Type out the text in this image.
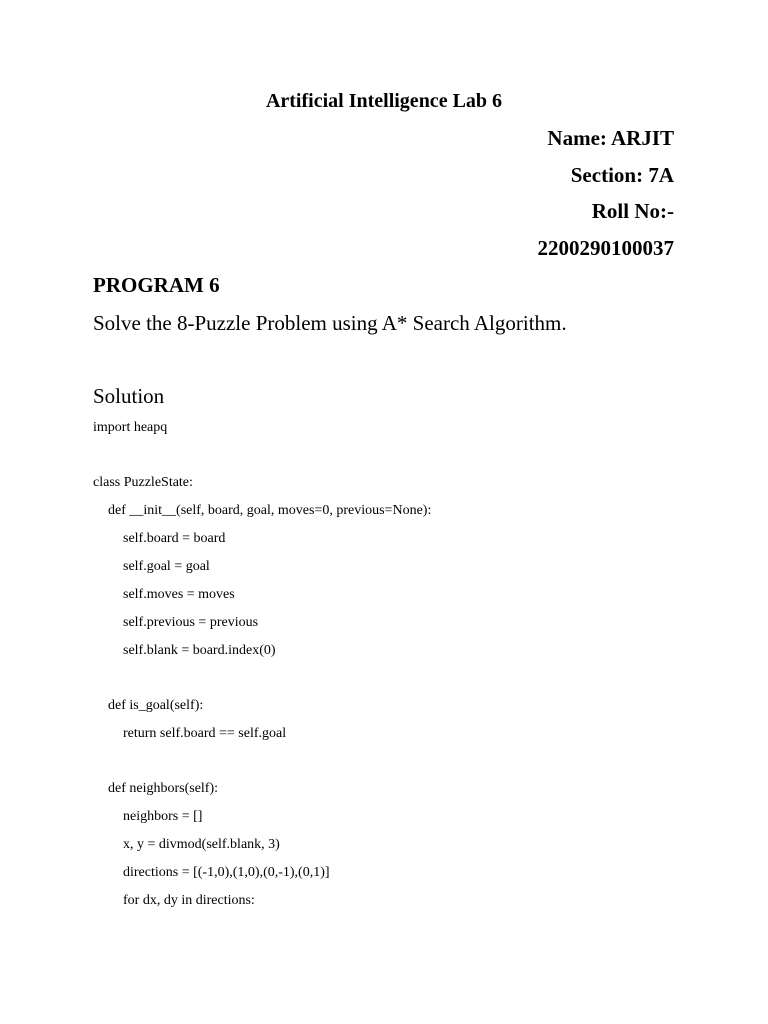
Artificial Intelligence Lab 6
Name: ARJIT
Section: 7A
Roll No:-
2200290100037
PROGRAM 6
Solve the 8-Puzzle Problem using A* Search Algorithm.
Solution
import heapq
class PuzzleState:
def __init__(self, board, goal, moves=0, previous=None):
self.board = board
self.goal = goal
self.moves = moves
self.previous = previous
self.blank = board.index(0)
def is_goal(self):
return self.board == self.goal
def neighbors(self):
neighbors = []
x, y = divmod(self.blank, 3)
directions = [(-1,0),(1,0),(0,-1),(0,1)]
for dx, dy in directions:
